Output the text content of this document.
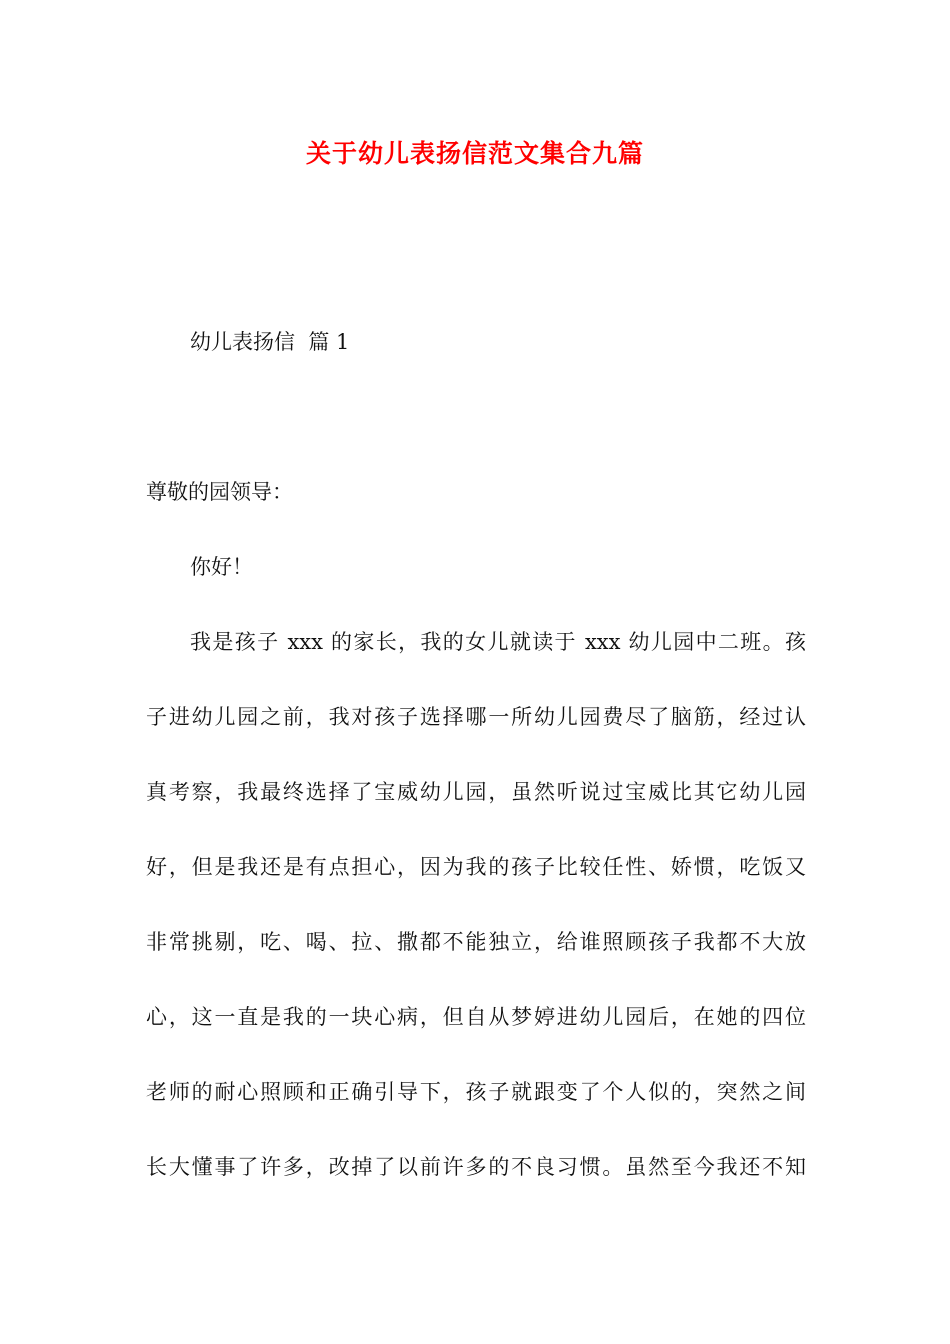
关于幼儿表扬信范文集合九篇
幼儿表扬信  篇 1
尊敬的园领导：
你好！
我是孩子 xxx 的家长，我的女儿就读于 xxx 幼儿园中二班。孩
子进幼儿园之前，我对孩子选择哪一所幼儿园费尽了脑筋，经过认
真考察，我最终选择了宝威幼儿园，虽然听说过宝威比其它幼儿园
好，但是我还是有点担心，因为我的孩子比较任性、娇惯，吃饭又
非常挑剔，吃、喝、拉、撒都不能独立，给谁照顾孩子我都不大放
心，这一直是我的一块心病，但自从梦婷进幼儿园后，在她的四位
老师的耐心照顾和正确引导下，孩子就跟变了个人似的，突然之间
长大懂事了许多，改掉了以前许多的不良习惯。虽然至今我还不知
